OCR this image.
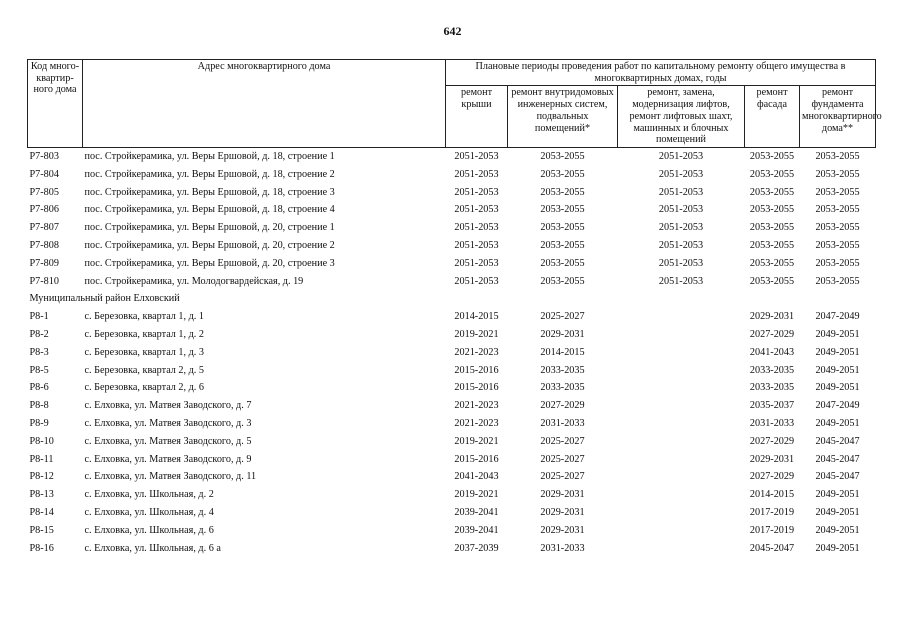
642
Код много-квартир-ного дома	Адрес многоквартирного дома	Плановые периоды проведения работ по капитальному ремонту общего имущества в многоквартирных домах, годы				
		ремонт крыши	ремонт внутридомовых инженерных систем, подвальных помещений*	ремонт, замена, модернизация лифтов, ремонт лифтовых шахт, машинных и блочных помещений	ремонт фасада	ремонт фундамента многоквартирного дома**
Р7-803	пос. Стройкерамика, ул. Веры Ершовой, д. 18, строение 1	2051-2053	2053-2055	2051-2053	2053-2055	2053-2055
Р7-804	пос. Стройкерамика, ул. Веры Ершовой, д. 18, строение 2	2051-2053	2053-2055	2051-2053	2053-2055	2053-2055
Р7-805	пос. Стройкерамика, ул. Веры Ершовой, д. 18, строение 3	2051-2053	2053-2055	2051-2053	2053-2055	2053-2055
Р7-806	пос. Стройкерамика, ул. Веры Ершовой, д. 18, строение 4	2051-2053	2053-2055	2051-2053	2053-2055	2053-2055
Р7-807	пос. Стройкерамика, ул. Веры Ершовой, д. 20, строение 1	2051-2053	2053-2055	2051-2053	2053-2055	2053-2055
Р7-808	пос. Стройкерамика, ул. Веры Ершовой, д. 20, строение 2	2051-2053	2053-2055	2051-2053	2053-2055	2053-2055
Р7-809	пос. Стройкерамика, ул. Веры Ершовой, д. 20, строение 3	2051-2053	2053-2055	2051-2053	2053-2055	2053-2055
Р7-810	пос. Стройкерамика, ул. Молодогвардейская, д. 19	2051-2053	2053-2055	2051-2053	2053-2055	2053-2055
Муниципальный район Елховский						
Р8-1	с. Березовка, квартал 1, д. 1	2014-2015	2025-2027		2029-2031	2047-2049
Р8-2	с. Березовка, квартал 1, д. 2	2019-2021	2029-2031		2027-2029	2049-2051
Р8-3	с. Березовка, квартал 1, д. 3	2021-2023	2014-2015		2041-2043	2049-2051
Р8-5	с. Березовка, квартал 2, д. 5	2015-2016	2033-2035		2033-2035	2049-2051
Р8-6	с. Березовка, квартал 2, д. 6	2015-2016	2033-2035		2033-2035	2049-2051
Р8-8	с. Елховка, ул. Матвея Заводского, д. 7	2021-2023	2027-2029		2035-2037	2047-2049
Р8-9	с. Елховка, ул. Матвея Заводского, д. 3	2021-2023	2031-2033		2031-2033	2049-2051
Р8-10	с. Елховка, ул. Матвея Заводского, д. 5	2019-2021	2025-2027		2027-2029	2045-2047
Р8-11	с. Елховка, ул. Матвея Заводского, д. 9	2015-2016	2025-2027		2029-2031	2045-2047
Р8-12	с. Елховка, ул. Матвея Заводского, д. 11	2041-2043	2025-2027		2027-2029	2045-2047
Р8-13	с. Елховка, ул. Школьная, д. 2	2019-2021	2029-2031		2014-2015	2049-2051
Р8-14	с. Елховка, ул. Школьная, д. 4	2039-2041	2029-2031		2017-2019	2049-2051
Р8-15	с. Елховка, ул. Школьная, д. 6	2039-2041	2029-2031		2017-2019	2049-2051
Р8-16	с. Елховка, ул. Школьная, д. 6 а	2037-2039	2031-2033		2045-2047	2049-2051
